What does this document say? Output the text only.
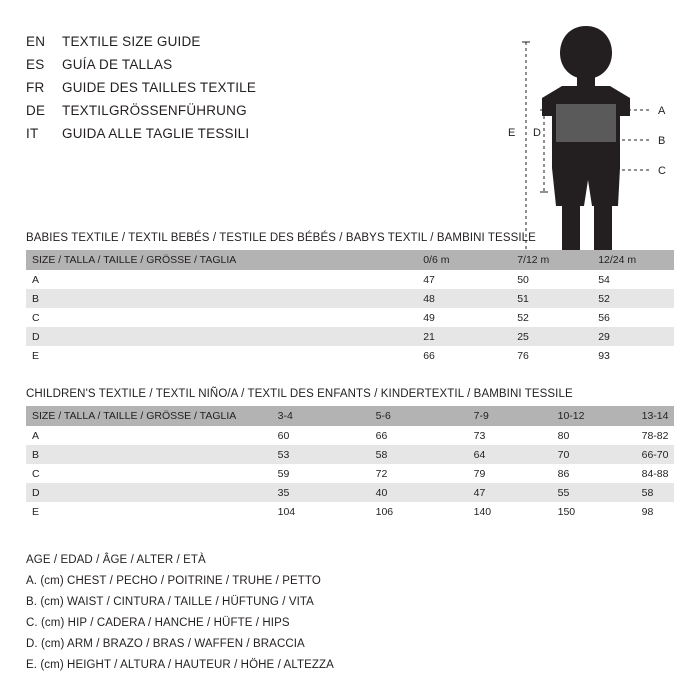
EN	TEXTILE SIZE GUIDE
ES	GUÍA DE TALLAS
FR	GUIDE DES TAILLES TEXTILE
DE	TEXTILGRÖSSENFÜHRUNG
IT	GUIDA ALLE TAGLIE TESSILI	E D
A
B
C
BABIES TEXTILE / TEXTIL BEBÉS / TESTILE DES BÉBÉS / BABYS TEXTIL / BAMBINI TESSILE
SIZE / TALLA / TAILLE / GRÖSSE / TAGLIA	0/6 m	7/12 m	12/24 m
A	47	50	54
B	48	51	52
C	49	52	56
D	21	25	29
E	66	76	93
CHILDREN'S TEXTILE / TEXTIL NIÑO/A / TEXTIL DES ENFANTS / KINDERTEXTIL / BAMBINI TESSILE
SIZE / TALLA / TAILLE / GRÖSSE / TAGLIA	3-4	5-6	7-9	10-12	13-14
A	60	66	73	80	78-82
B	53	58	64	70	66-70
C	59	72	79	86	84-88
D	35	40	47	55	58
E	104	106	140	150	98
AGE / EDAD / ÂGE / ALTER / ETÀ
A. (cm) CHEST / PECHO / POITRINE / TRUHE / PETTO
B. (cm) WAIST / CINTURA / TAILLE / HÜFTUNG / VITA
C. (cm) HIP / CADERA / HANCHE / HÜFTE / HIPS
D. (cm) ARM / BRAZO / BRAS / WAFFEN / BRACCIA
E. (cm) HEIGHT / ALTURA / HAUTEUR / HÖHE / ALTEZZA
